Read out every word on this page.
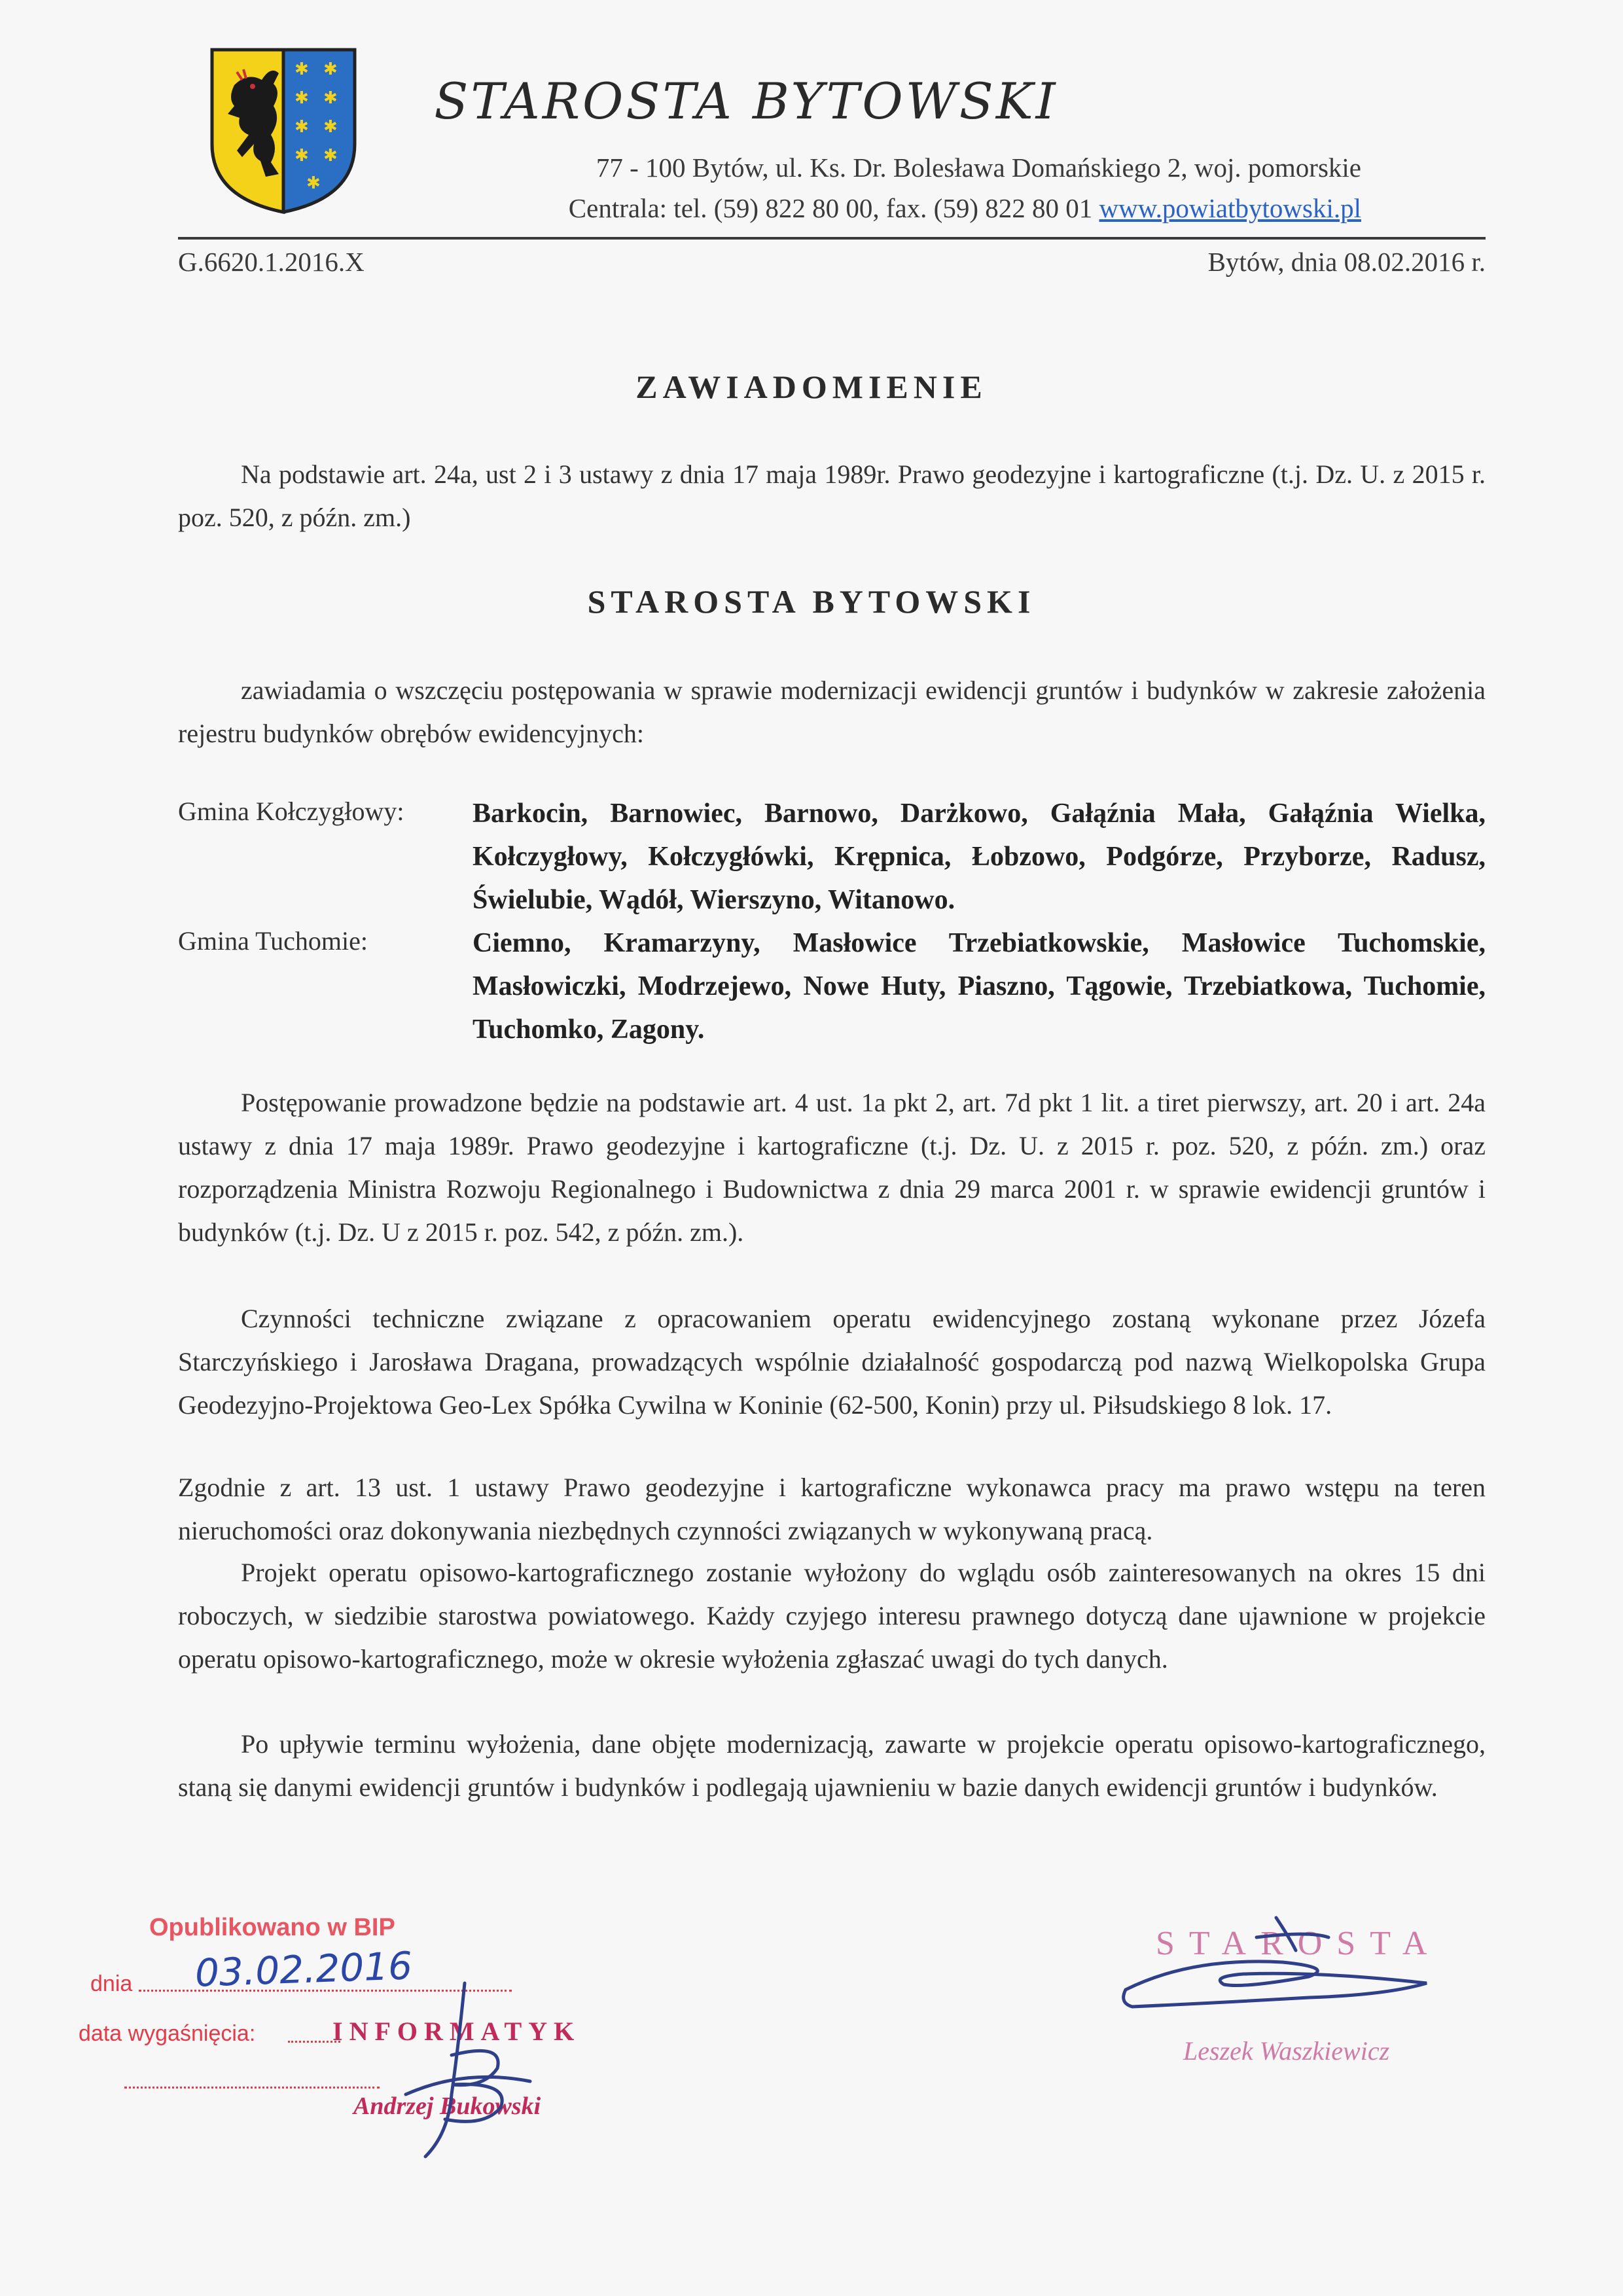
✱ ✱
✱ ✱
✱ ✱
✱ ✱
✱
STAROSTA BYTOWSKI
77 - 100 Bytów, ul. Ks. Dr. Bolesława Domańskiego 2, woj. pomorskie
Centrala: tel. (59) 822 80 00, fax. (59) 822 80 01 www.powiatbytowski.pl
G.6620.1.2016.X	Bytów, dnia 08.02.2016 r.
ZAWIADOMIENIE
Na podstawie art. 24a, ust 2 i 3 ustawy z dnia 17 maja 1989r. Prawo geodezyjne i kartograficzne (t.j. Dz. U. z 2015 r. poz. 520, z późn. zm.)
STAROSTA BYTOWSKI
zawiadamia o wszczęciu postępowania w sprawie modernizacji ewidencji gruntów i budynków w zakresie założenia rejestru budynków obrębów ewidencyjnych:
Gmina Kołczygłowy: Barkocin, Barnowiec, Barnowo, Darżkowo, Gałąźnia Mała, Gałąźnia Wielka, Kołczygłowy, Kołczygłówki, Krępnica, Łobzowo, Podgórze, Przyborze, Radusz, Świelubie, Wądół, Wierszyno, Witanowo.
Gmina Tuchomie:	Ciemno, Kramarzyny, Masłowice Trzebiatkowskie, Masłowice Tuchomskie, Masłowiczki, Modrzejewo, Nowe Huty, Piaszno, Tągowie, Trzebiatkowa, Tuchomie, Tuchomko, Zagony.
Postępowanie prowadzone będzie na podstawie art. 4 ust. 1a pkt 2, art. 7d pkt 1 lit. a tiret pierwszy, art. 20 i art. 24a ustawy z dnia 17 maja 1989r. Prawo geodezyjne i kartograficzne (t.j. Dz. U. z 2015 r. poz. 520, z późn. zm.) oraz rozporządzenia Ministra Rozwoju Regionalnego i Budownictwa z dnia 29 marca 2001 r. w sprawie ewidencji gruntów i budynków (t.j. Dz. U z 2015 r. poz. 542, z późn. zm.).
Czynności techniczne związane z opracowaniem operatu ewidencyjnego zostaną wykonane przez Józefa Starczyńskiego i Jarosława Dragana, prowadzących wspólnie działalność gospodarczą pod nazwą Wielkopolska Grupa Geodezyjno-Projektowa Geo-Lex Spółka Cywilna w Koninie (62-500, Konin) przy ul. Piłsudskiego 8 lok. 17.
Zgodnie z art. 13 ust. 1 ustawy Prawo geodezyjne i kartograficzne wykonawca pracy ma prawo wstępu na teren nieruchomości oraz dokonywania niezbędnych czynności związanych w wykonywaną pracą.
Projekt operatu opisowo-kartograficznego zostanie wyłożony do wglądu osób zainteresowanych na okres 15 dni roboczych, w siedzibie starostwa powiatowego. Każdy czyjego interesu prawnego dotyczą dane ujawnione w projekcie operatu opisowo-kartograficznego, może w okresie wyłożenia zgłaszać uwagi do tych danych.
Po upływie terminu wyłożenia, dane objęte modernizacją, zawarte w projekcie operatu opisowo-kartograficznego, staną się danymi ewidencji gruntów i budynków i podlegają ujawnieniu w bazie danych ewidencji gruntów i budynków.
Opublikowano w BIP
dnia 03.02.2016
data wygaśnięcia:	INFORMATYK
Andrzej Bukowski
STAROSTA
Leszek Waszkiewicz
